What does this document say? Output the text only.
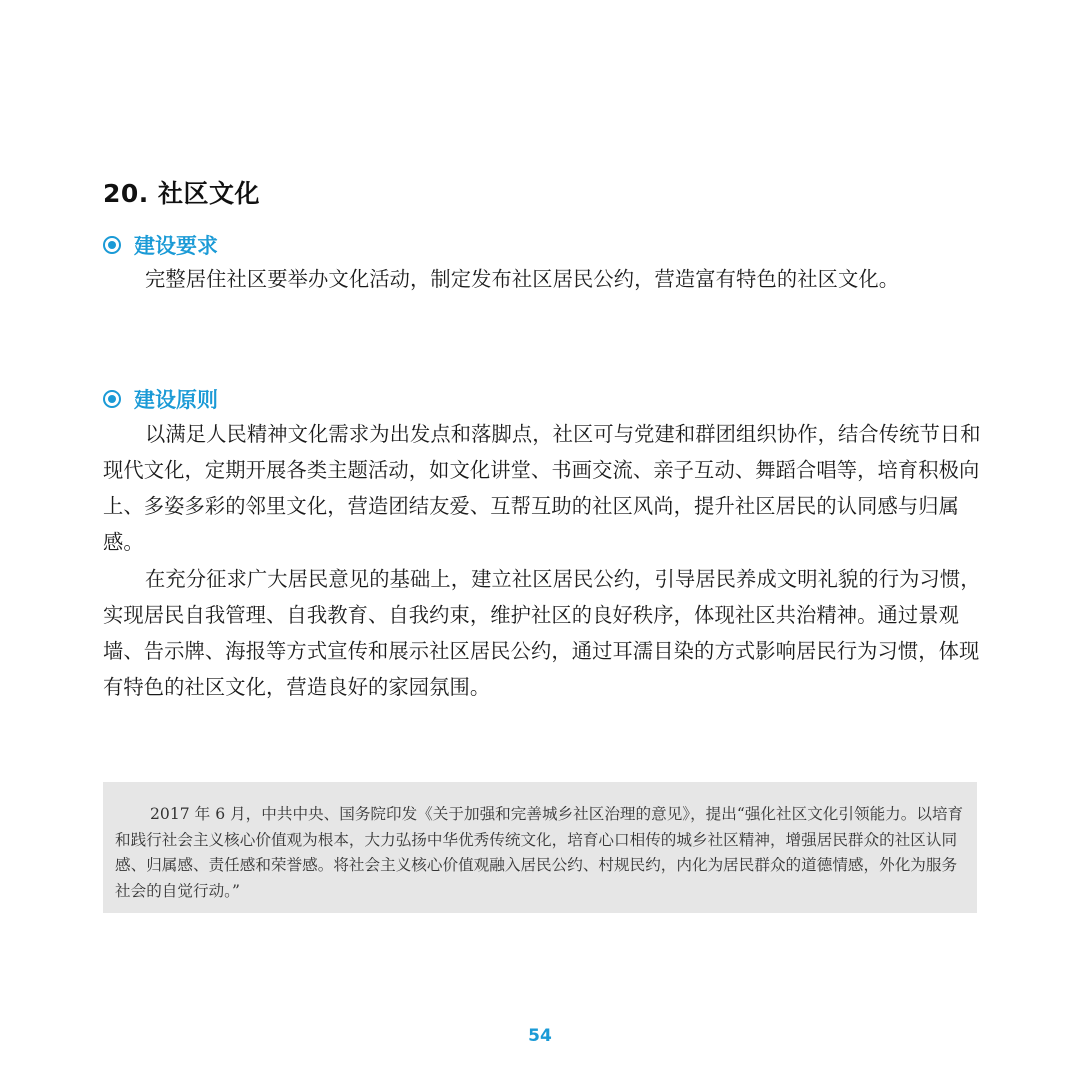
20. 社区文化
建设要求

完整居住社区要举办文化活动，制定发布社区居民公约，营造富有特色的社区文化。

建设原则

以满足人民精神文化需求为出发点和落脚点，社区可与党建和群团组织协作，结合传统节日和现代文化，定期开展各类主题活动，如文化讲堂、书画交流、亲子互动、舞蹈合唱等，培育积极向上、多姿多彩的邻里文化，营造团结友爱、互帮互助的社区风尚，提升社区居民的认同感与归属感。

在充分征求广大居民意见的基础上，建立社区居民公约，引导居民养成文明礼貌的行为习惯，实现居民自我管理、自我教育、自我约束，维护社区的良好秩序，体现社区共治精神。通过景观墙、告示牌、海报等方式宣传和展示社区居民公约，通过耳濡目染的方式影响居民行为习惯，体现有特色的社区文化，营造良好的家园氛围。

2017 年 6 月，中共中央、国务院印发《关于加强和完善城乡社区治理的意见》，提出“强化社区文化引领能力。以培育和践行社会主义核心价值观为根本，大力弘扬中华优秀传统文化，培育心口相传的城乡社区精神，增强居民群众的社区认同感、归属感、责任感和荣誉感。将社会主义核心价值观融入居民公约、村规民约，内化为居民群众的道德情感，外化为服务社会的自觉行动。”

54
